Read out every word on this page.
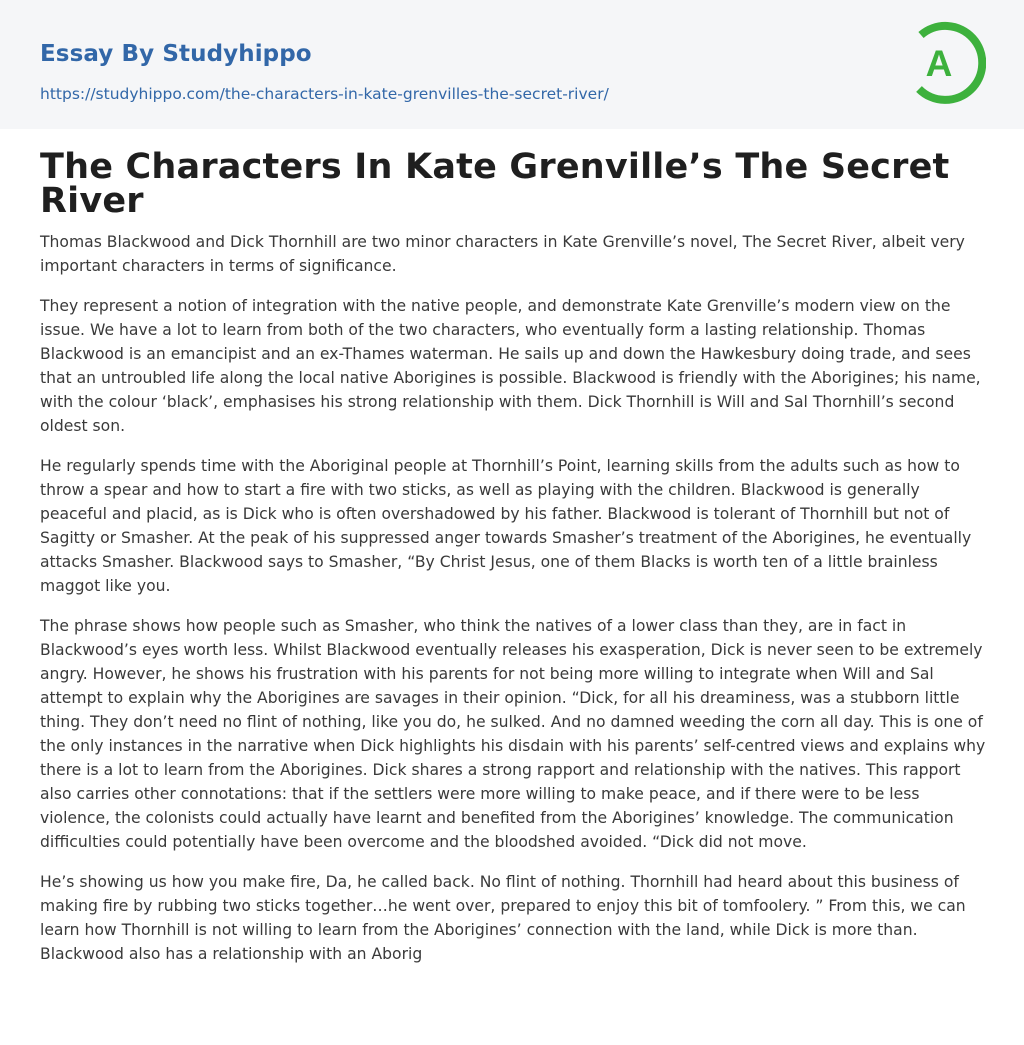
Essay By Studyhippo
https://studyhippo.com/the-characters-in-kate-grenvilles-the-secret-river/
A
The Characters In Kate Grenville’s The Secret River

Thomas Blackwood and Dick Thornhill are two minor characters in Kate Grenville’s novel, The Secret River, albeit very important characters in terms of significance.

They represent a notion of integration with the native people, and demonstrate Kate Grenville’s modern view on the issue. We have a lot to learn from both of the two characters, who eventually form a lasting relationship. Thomas Blackwood is an emancipist and an ex-Thames waterman. He sails up and down the Hawkesbury doing trade, and sees that an untroubled life along the local native Aborigines is possible. Blackwood is friendly with the Aborigines; his name, with the colour ‘black’, emphasises his strong relationship with them. Dick Thornhill is Will and Sal Thornhill’s second oldest son.

He regularly spends time with the Aboriginal people at Thornhill’s Point, learning skills from the adults such as how to throw a spear and how to start a fire with two sticks, as well as playing with the children. Blackwood is generally peaceful and placid, as is Dick who is often overshadowed by his father. Blackwood is tolerant of Thornhill but not of Sagitty or Smasher. At the peak of his suppressed anger towards Smasher’s treatment of the Aborigines, he eventually attacks Smasher. Blackwood says to Smasher, “By Christ Jesus, one of them Blacks is worth ten of a little brainless maggot like you.

The phrase shows how people such as Smasher, who think the natives of a lower class than they, are in fact in Blackwood’s eyes worth less. Whilst Blackwood eventually releases his exasperation, Dick is never seen to be extremely angry. However, he shows his frustration with his parents for not being more willing to integrate when Will and Sal attempt to explain why the Aborigines are savages in their opinion. “Dick, for all his dreaminess, was a stubborn little thing. They don’t need no flint of nothing, like you do, he sulked. And no damned weeding the corn all day. This is one of the only instances in the narrative when Dick highlights his disdain with his parents’ self-centred views and explains why there is a lot to learn from the Aborigines. Dick shares a strong rapport and relationship with the natives. This rapport also carries other connotations: that if the settlers were more willing to make peace, and if there were to be less violence, the colonists could actually have learnt and benefited from the Aborigines’ knowledge. The communication difficulties could potentially have been overcome and the bloodshed avoided. “Dick did not move.

He’s showing us how you make fire, Da, he called back. No flint of nothing. Thornhill had heard about this business of making fire by rubbing two sticks together…he went over, prepared to enjoy this bit of tomfoolery. ” From this, we can learn how Thornhill is not willing to learn from the Aborigines’ connection with the land, while Dick is more than. Blackwood also has a relationship with an Aborig
